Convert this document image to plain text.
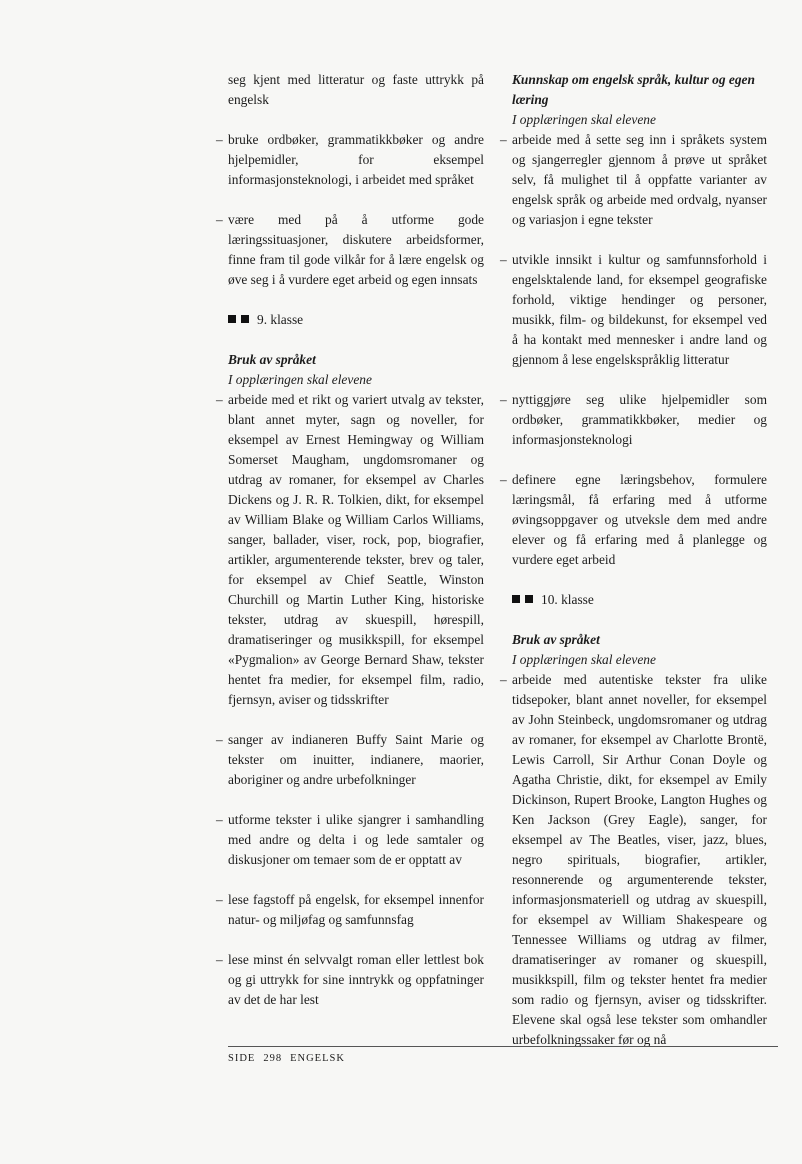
seg kjent med litteratur og faste uttrykk på engelsk

– bruke ordbøker, grammatikkbøker og andre hjelpemidler, for eksempel informasjonsteknologi, i arbeidet med språket
– være med på å utforme gode læringssituasjoner, diskutere arbeidsformer, finne fram til gode vilkår for å lære engelsk og øve seg i å vurdere eget arbeid og egen innsats
9. klasse
Bruk av språket
I opplæringen skal elevene
– arbeide med et rikt og variert utvalg av tekster, blant annet myter, sagn og noveller, for eksempel av Ernest Hemingway og William Somerset Maugham, ungdomsromaner og utdrag av romaner, for eksempel av Charles Dickens og J. R. R. Tolkien, dikt, for eksempel av William Blake og William Carlos Williams, sanger, ballader, viser, rock, pop, biografier, artikler, argumenterende tekster, brev og taler, for eksempel av Chief Seattle, Winston Churchill og Martin Luther King, historiske tekster, utdrag av skuespill, hørespill, dramatiseringer og musikkspill, for eksempel «Pygmalion» av George Bernard Shaw, tekster hentet fra medier, for eksempel film, radio, fjernsyn, aviser og tidsskrifter
– sanger av indianeren Buffy Saint Marie og tekster om inuitter, indianere, maorier, aboriginer og andre urbefolkninger
– utforme tekster i ulike sjangrer i samhandling med andre og delta i og lede samtaler og diskusjoner om temaer som de er opptatt av
– lese fagstoff på engelsk, for eksempel innenfor natur- og miljøfag og samfunnsfag
– lese minst én selvvalgt roman eller lettlest bok og gi uttrykk for sine inntrykk og oppfatninger av det de har lest
Kunnskap om engelsk språk, kultur og egen læring
I opplæringen skal elevene
– arbeide med å sette seg inn i språkets system og sjangerregler gjennom å prøve ut språket selv, få mulighet til å oppfatte varianter av engelsk språk og arbeide med ordvalg, nyanser og variasjon i egne tekster
– utvikle innsikt i kultur og samfunnsforhold i engelsktalende land, for eksempel geografiske forhold, viktige hendinger og personer, musikk, film- og bildekunst, for eksempel ved å ha kontakt med mennesker i andre land og gjennom å lese engelskspråklig litteratur
– nyttiggjøre seg ulike hjelpemidler som ordbøker, grammatikkbøker, medier og informasjonsteknologi
– definere egne læringsbehov, formulere læringsmål, få erfaring med å utforme øvingsoppgaver og utveksle dem med andre elever og få erfaring med å planlegge og vurdere eget arbeid
10. klasse
Bruk av språket
I opplæringen skal elevene
– arbeide med autentiske tekster fra ulike tidsepoker, blant annet noveller, for eksempel av John Steinbeck, ungdomsromaner og utdrag av romaner, for eksempel av Charlotte Brontë, Lewis Carroll, Sir Arthur Conan Doyle og Agatha Christie, dikt, for eksempel av Emily Dickinson, Rupert Brooke, Langton Hughes og Ken Jackson (Grey Eagle), sanger, for eksempel av The Beatles, viser, jazz, blues, negro spirituals, biografier, artikler, resonnerende og argumenterende tekster, informasjonsmateriell og utdrag av skuespill, for eksempel av William Shakespeare og Tennessee Williams og utdrag av filmer, dramatiseringer av romaner og skuespill, musikkspill, film og tekster hentet fra medier som radio og fjernsyn, aviser og tidsskrifter. Elevene skal også lese tekster som omhandler urbefolkningssaker før og nå
SIDE 298 ENGELSK
